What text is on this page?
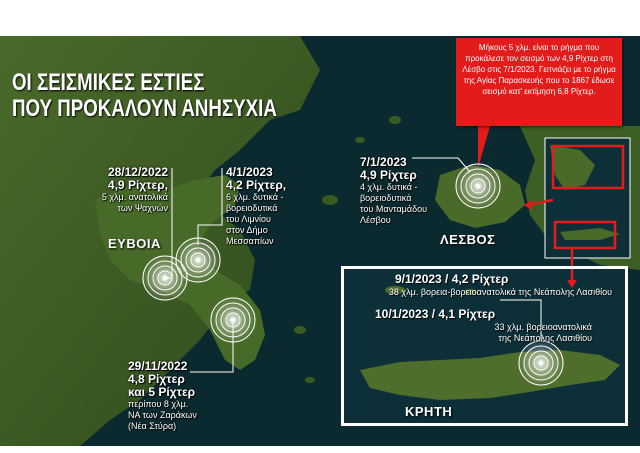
ΟΙ ΣΕΙΣΜΙΚΕΣ ΕΣΤΙΕΣ
ΠΟΥ ΠΡΟΚΑΛΟΥΝ ΑΝΗΣΥΧΙΑ
Μήκους 5 χλμ. είναι το ρήγμα που προκάλεσε τον σεισμό των 4,9 Ρίχτερ στη Λέσβο στις 7/1/2023. Γειτνιάζει με το ρήγμα της Αγίας Παρασκευής που το 1867 έδωσε σεισμό κατ' εκτίμηση 6,8 Ρίχτερ.
28/12/2022
4,9 Ρίχτερ,
5 χλμ. ανατολικά
των Ψαχνών
4/1/2023
4,2 Ρίχτερ,
6 χλμ. δυτικά -
βορειοδυτικά
του Λιμνίου
στον Δήμο
Μεσσαπίων
29/11/2022
4,8 Ρίχτερ
και 5 Ρίχτερ
περίπου 8 χλμ.
ΝΑ των Ζαράκων
(Νέα Στύρα)
7/1/2023
4,9 Ρίχτερ
4 χλμ. δυτικά -
βορειοδυτικά
του Μανταμάδου
Λέσβου
ΕΥΒΟΙΑ	ΛΕΣΒΟΣ
9/1/2023 / 4,2 Ρίχτερ
38 χλμ. βορεια-βορειοανατολικά της Νεάπολης Λασιθίου
10/1/2023 / 4,1 Ρίχτερ
33 χλμ. βορειοανατολικά
της Νεάπολης Λασιθίου
ΚΡΗΤΗ
